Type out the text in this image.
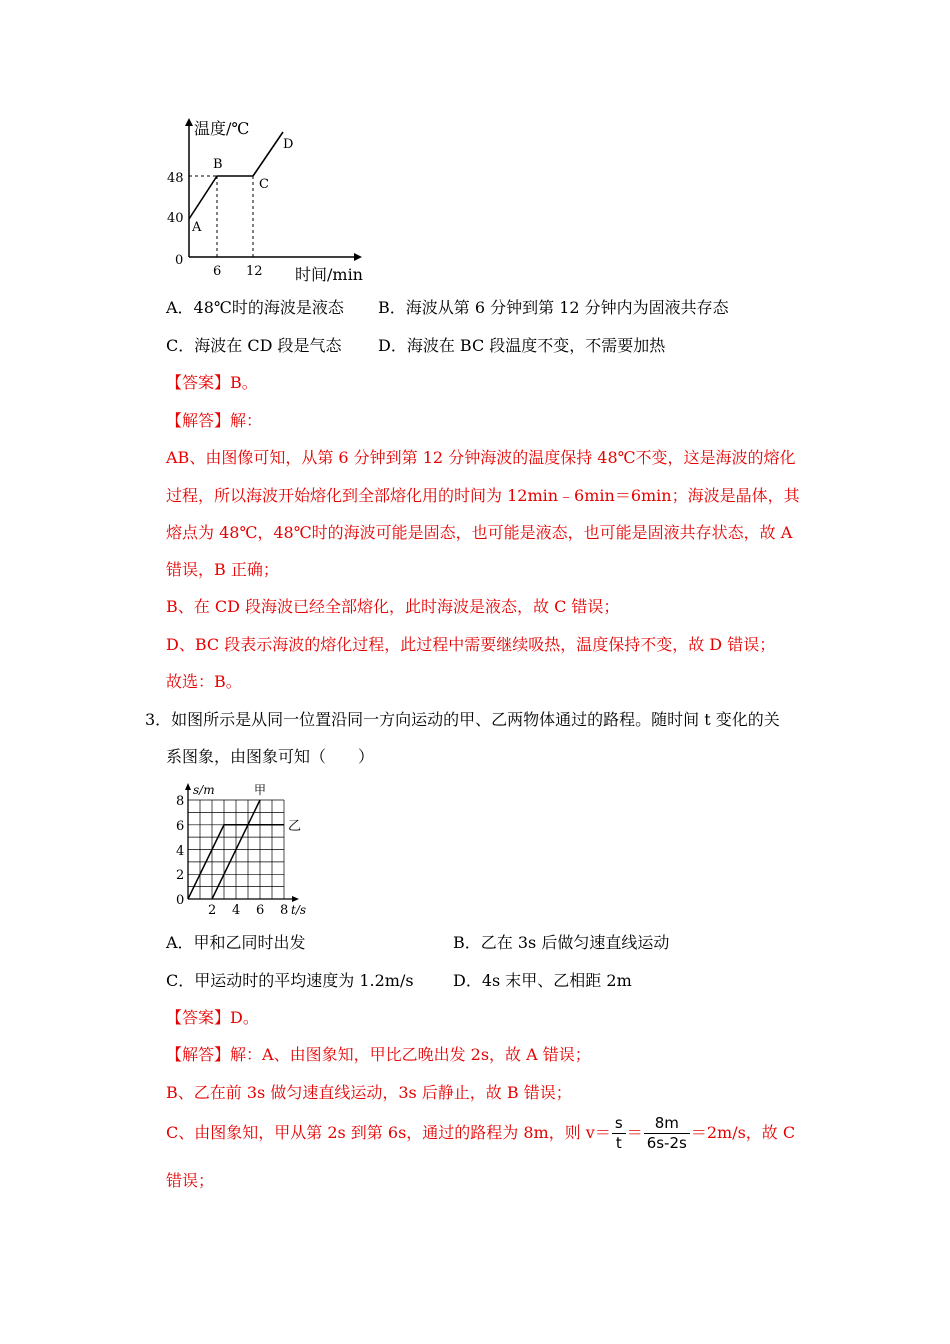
温度/℃
48
40
0
6 12 时间/min
A
B
C
D
A．48℃时的海波是液态 B．海波从第 6 分钟到第 12 分钟内为固液共存态
C．海波在 CD 段是气态 D．海波在 BC 段温度不变，不需要加热
【答案】B。
【解答】解：
AB、由图像可知，从第 6 分钟到第 12 分钟海波的温度保持 48℃不变，这是海波的熔化
过程，所以海波开始熔化到全部熔化用的时间为 12min﹣6min＝6min；海波是晶体，其
熔点为 48℃，48℃时的海波可能是固态，也可能是液态，也可能是固液共存状态，故 A
错误，B 正确；
B、在 CD 段海波已经全部熔化，此时海波是液态，故 C 错误；
D、BC 段表示海波的熔化过程，此过程中需要继续吸热，温度保持不变，故 D 错误；
故选：B。
3．如图所示是从同一位置沿同一方向运动的甲、乙两物体通过的路程。随时间 t 变化的关
系图象，由图象可知（　　）
s/m	甲
乙
8
6
4
2
0
2 4 6 8 t/s
A．甲和乙同时出发	B．乙在 3s 后做匀速直线运动
C．甲运动时的平均速度为 1.2m/s D．4s 末甲、乙相距 2m
【答案】D。
【解答】解：A、由图象知，甲比乙晚出发 2s，故 A 错误；
B、乙在前 3s 做匀速直线运动，3s 后静止，故 B 错误；
C、由图象知，甲从第 2s 到第 6s，通过的路程为 8m，则 $v= \frac{s}{t} = \frac{8m}{6s-2s} =2m/s$，故 C
错误；
